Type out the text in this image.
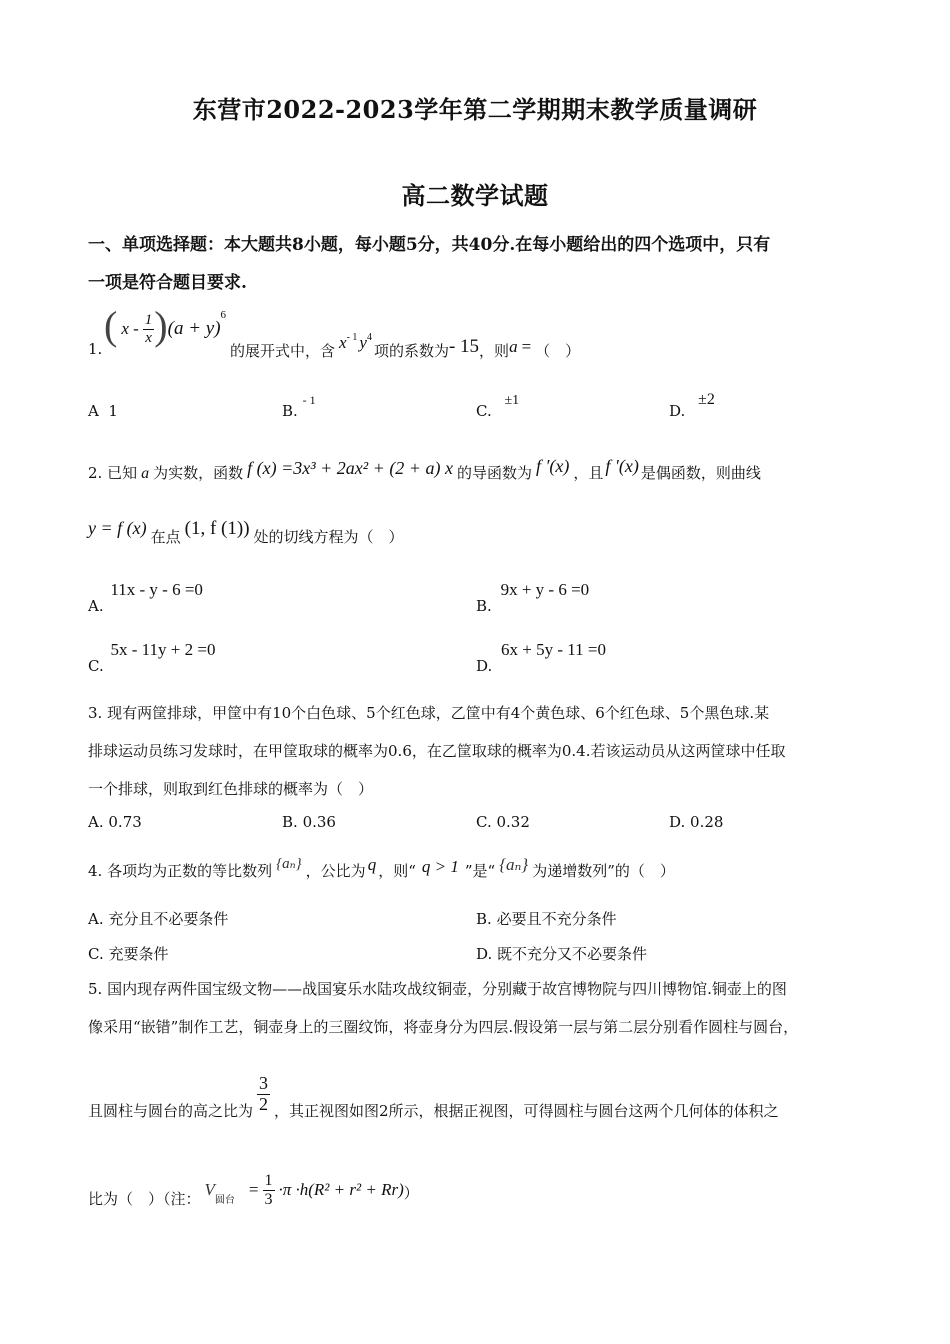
东营市2022-2023学年第二学期期末教学质量调研
高二数学试题
一、单项选择题：本大题共8小题，每小题5分，共40分.在每小题给出的四个选项中，只有
一项是符合题目要求.
1.
( x - $\frac{1}{x}$ ) (a + y)
$^6$
的展开式中，含 $x^{- 1}$ $y^4$
项的系数为 - 15 ，则 a = （　）
A 1	B. $^{- 1}$
C. ±1
D. ±2
2.
已知 a 为实数，函数 f (x) =3x³ + 2ax² + (2 + a) x 的导函数为 f ′(x) ，且 f ′(x) 是偶函数，则曲线
y = f (x) 在点 (1, f (1)) 处的切线方程为（　）
A. 11x - y - 6 =0
B. 9x + y - 6 =0
C. 5x - 11y + 2 =0
D. 6x + 5y - 11 =0
3. 现有两筐排球，甲筐中有10个白色球、5个红色球，乙筐中有4个黄色球、6个红色球、5个黑色球.某
排球运动员练习发球时，在甲筐取球的概率为0.6，在乙筐取球的概率为0.4.若该运动员从这两筐球中任取
一个排球，则取到红色排球的概率为（　）
A. 0.73	B. 0.36	C. 0.32	D. 0.28
4. 各项均为正数的等比数列 {aₙ} ，公比为 q ，则“ q > 1 ”是“ {aₙ} 为递增数列”的（　）
A. 充分且不必要条件	B. 必要且不充分条件
C. 充要条件	D. 既不充分又不必要条件
5. 国内现存两件国宝级文物——战国宴乐水陆攻战纹铜壶，分别藏于故宫博物院与四川博物馆.铜壶上的图
像采用“嵌错”制作工艺，铜壶身上的三圈纹饰，将壶身分为四层.假设第一层与第二层分别看作圆柱与圆台，
且圆柱与圆台的高之比为 $\frac{3}{2}$ ，其正视图如图2所示，根据正视图，可得圆柱与圆台这两个几何体的体积之
比为（　）（注： V
$_{圆台}$
= $\frac{1}{3} \cdot\pi \cdot h(R^2 + r^2 + Rr)$ ）
